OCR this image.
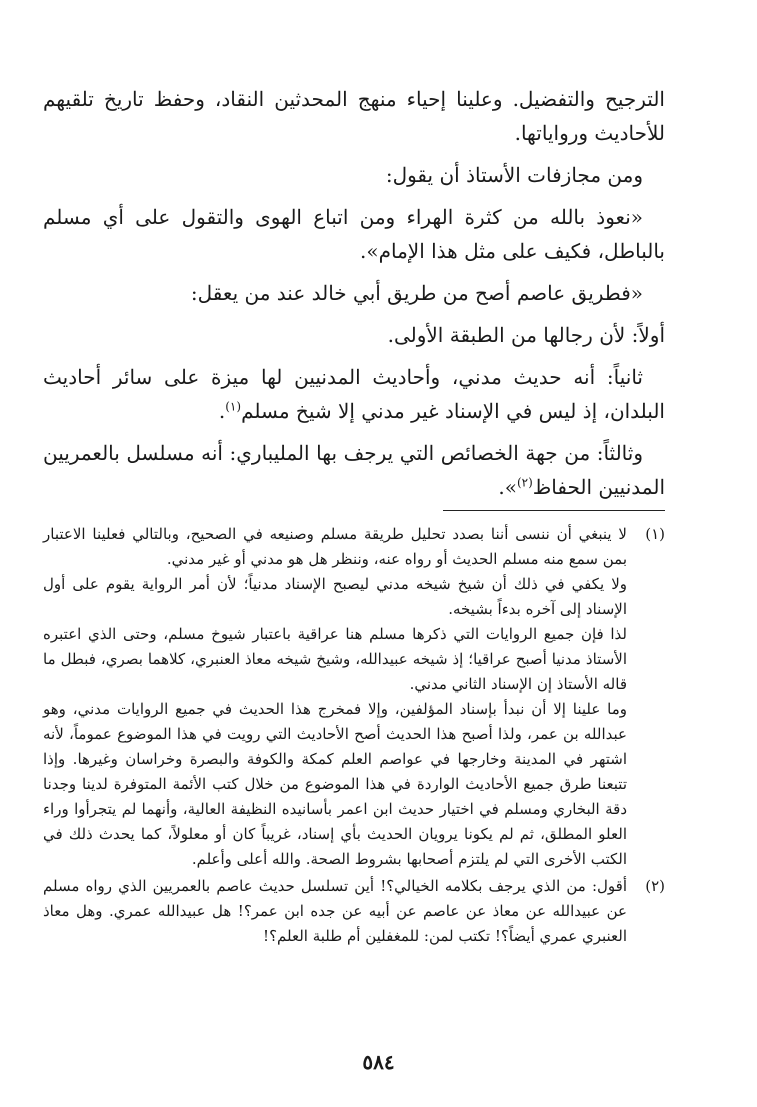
الترجيح والتفضيل. وعلينا إحياء منهج المحدثين النقاد، وحفظ تاريخ تلقيهم للأحاديث ورواياتها.

ومن مجازفات الأستاذ أن يقول:

«نعوذ بالله من كثرة الهراء ومن اتباع الهوى والتقول على أي مسلم بالباطل، فكيف على مثل هذا الإمام».

«فطريق عاصم أصح من طريق أبي خالد عند من يعقل:

أولاً: لأن رجالها من الطبقة الأولى.

ثانياً: أنه حديث مدني، وأحاديث المدنيين لها ميزة على سائر أحاديث البلدان، إذ ليس في الإسناد غير مدني إلا شيخ مسلم$^{(١)}$.

وثالثاً: من جهة الخصائص التي يرجف بها المليباري: أنه مسلسل بالعمريين المدنيين الحفاظ$^{(٢)}$».

(١)

لا ينبغي أن ننسى أننا بصدد تحليل طريقة مسلم وصنيعه في الصحيح، وبالتالي فعلينا الاعتبار بمن سمع منه مسلم الحديث أو رواه عنه، وننظر هل هو مدني أو غير مدني.

ولا يكفي في ذلك أن شيخ شيخه مدني ليصبح الإسناد مدنياً؛ لأن أمر الرواية يقوم على أول الإسناد إلى آخره بدءاً بشيخه.

لذا فإن جميع الروايات التي ذكرها مسلم هنا عراقية باعتبار شيوخ مسلم، وحتى الذي اعتبره الأستاذ مدنيا أصبح عراقيا؛ إذ شيخه عبيدالله، وشيخ شيخه معاذ العنبري، كلاهما بصري، فبطل ما قاله الأستاذ إن الإسناد الثاني مدني.

وما علينا إلا أن نبدأ بإسناد المؤلفين، وإلا فمخرج هذا الحديث في جميع الروايات مدني، وهو عبدالله بن عمر، ولذا أصبح هذا الحديث أصح الأحاديث التي رويت في هذا الموضوع عموماً، لأنه اشتهر في المدينة وخارجها في عواصم العلم كمكة والكوفة والبصرة وخراسان وغيرها. وإذا تتبعنا طرق جميع الأحاديث الواردة في هذا الموضوع من خلال كتب الأئمة المتوفرة لدينا وجدنا دقة البخاري ومسلم في اختيار حديث ابن اعمر بأسانيده النظيفة العالية، وأنهما لم يتجرأوا وراء العلو المطلق، ثم لم يكونا يرويان الحديث بأي إسناد، غريباً كان أو معلولاً، كما يحدث ذلك في الكتب الأخرى التي لم يلتزم أصحابها بشروط الصحة. والله أعلى وأعلم.

(٢)

أقول: من الذي يرجف بكلامه الخيالي؟! أين تسلسل حديث عاصم بالعمريين الذي رواه مسلم عن عبيدالله عن معاذ عن عاصم عن أبيه عن جده ابن عمر؟! هل عبيدالله عمري. وهل معاذ العنبري عمري أيضاً؟! تكتب لمن: للمغفلين أم طلبة العلم؟!

٥٨٤
